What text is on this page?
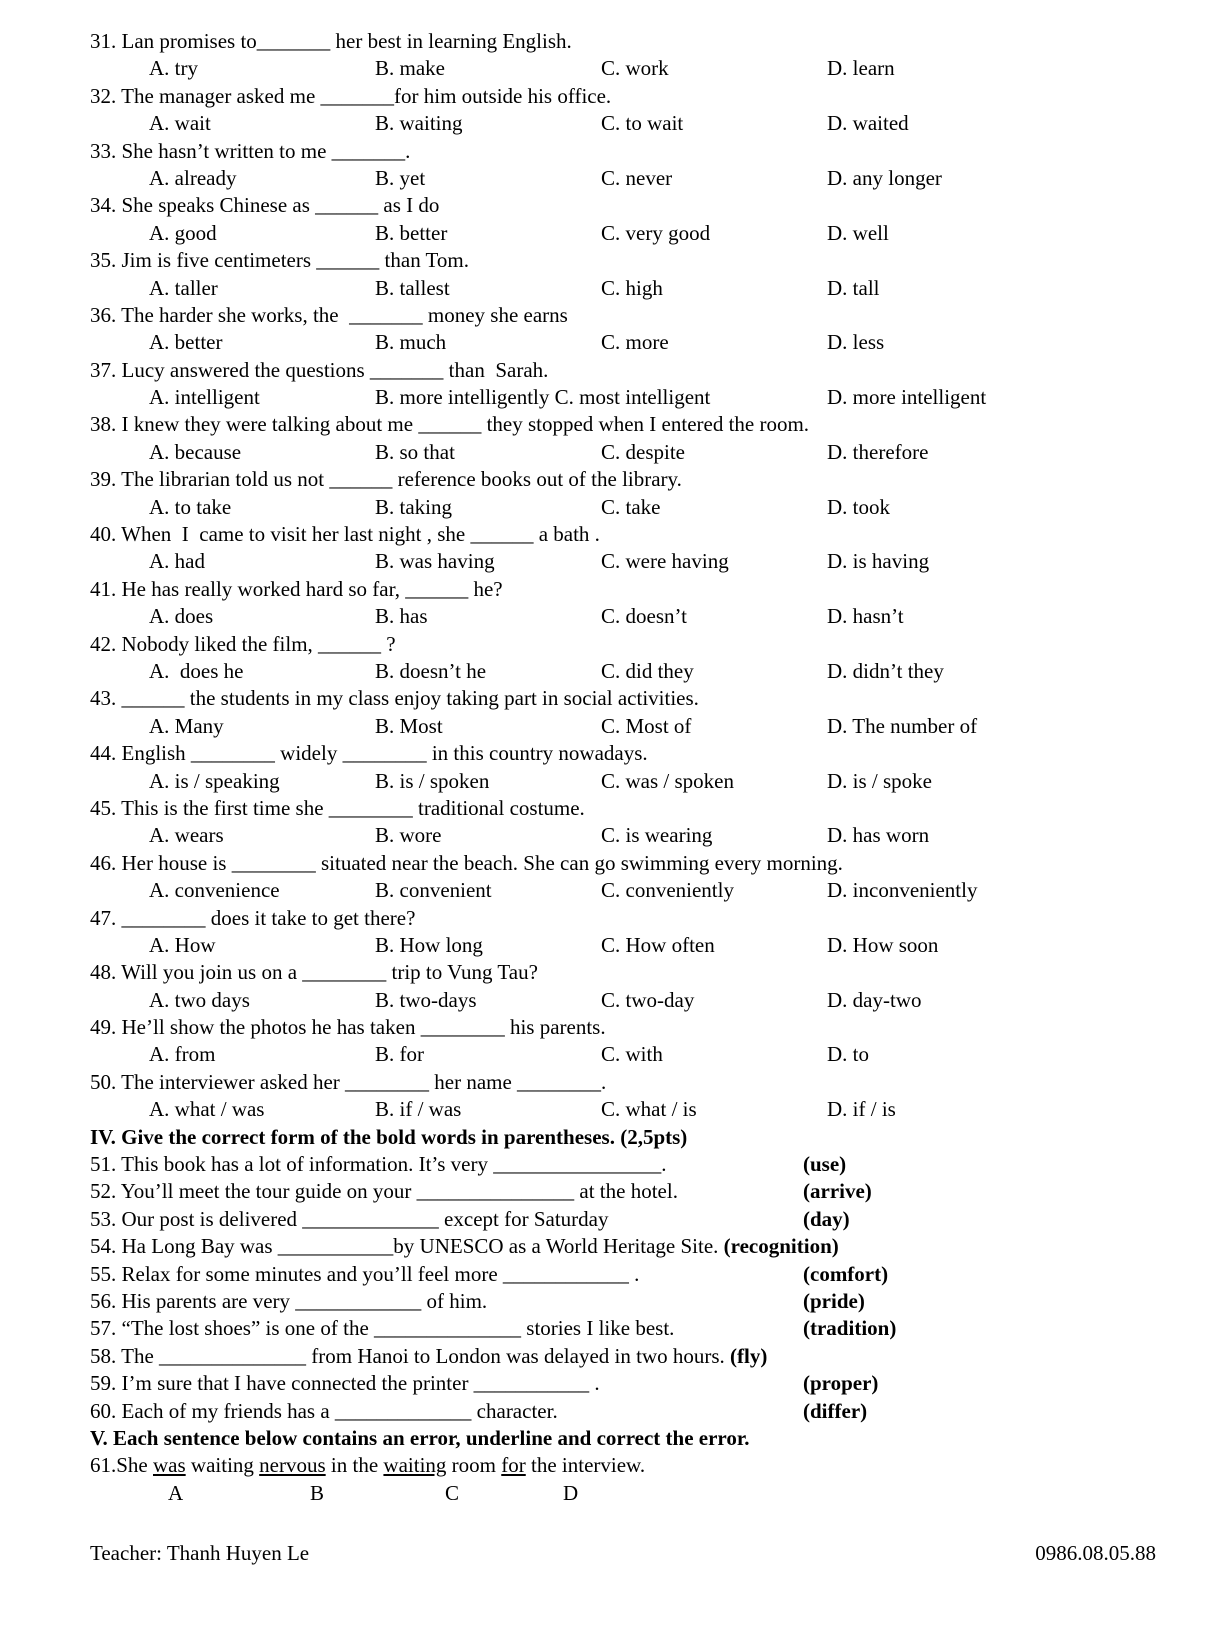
31. Lan promises to_______ her best in learning English.
A. try	B. make	C. work	D. learn
32. The manager asked me _______for him outside his office.
A. wait	B. waiting	C. to wait	D. waited
33. She hasn’t written to me _______.
A. already	B. yet	C. never	D. any longer
34. She speaks Chinese as ______ as I do
A. good	B. better	C. very good	D. well
35. Jim is five centimeters ______ than Tom.
A. taller	B. tallest	C. high	D. tall
36. The harder she works, the  _______ money she earns
A. better	B. much	C. more	D. less
37. Lucy answered the questions _______ than  Sarah.
A. intelligent	B. more intelligently C. most intelligent	D. more intelligent
38. I knew they were talking about me ______ they stopped when I entered the room.
A. because	B. so that	C. despite	D. therefore
39. The librarian told us not ______ reference books out of the library.
A. to take	B. taking	C. take	D. took
40. When  I  came to visit her last night , she ______ a bath .
A. had	B. was having	C. were having	D. is having
41. He has really worked hard so far, ______ he?
A. does	B. has	C. doesn’t	D. hasn’t
42. Nobody liked the film, ______ ?
A.  does he	B. doesn’t he	C. did they	D. didn’t they
43. ______ the students in my class enjoy taking part in social activities.
A. Many	B. Most	C. Most of	D. The number of
44. English ________ widely ________ in this country nowadays.
A. is / speaking	B. is / spoken	C. was / spoken	D. is / spoke
45. This is the first time she ________ traditional costume.
A. wears	B. wore	C. is wearing	D. has worn
46. Her house is ________ situated near the beach. She can go swimming every morning.
A. convenience	B. convenient	C. conveniently	D. inconveniently
47. ________ does it take to get there?
A. How	B. How long	C. How often	D. How soon
48. Will you join us on a ________ trip to Vung Tau?
A. two days	B. two-days	C. two-day	D. day-two
49. He’ll show the photos he has taken ________ his parents.
A. from	B. for	C. with	D. to
50. The interviewer asked her ________ her name ________.
A. what / was	B. if / was	C. what / is	D. if / is
IV. Give the correct form of the bold words in parentheses. (2,5pts)
51. This book has a lot of information. It’s very ________________.	(use)
52. You’ll meet the tour guide on your _______________ at the hotel.	(arrive)
53. Our post is delivered _____________ except for Saturday	(day)
54. Ha Long Bay was ___________by UNESCO as a World Heritage Site. (recognition)
55. Relax for some minutes and you’ll feel more ____________ .	(comfort)
56. His parents are very ____________ of him.	(pride)
57. “The lost shoes” is one of the ______________ stories I like best.	(tradition)
58. The ______________ from Hanoi to London was delayed in two hours. (fly)
59. I’m sure that I have connected the printer ___________ .	(proper)
60. Each of my friends has a _____________ character.	(differ)
V. Each sentence below contains an error, underline and correct the error.
61.She was waiting nervous in the waiting room for the interview.

A

	B

	C

	D

Teacher: Thanh Huyen Le	0986.08.05.88
